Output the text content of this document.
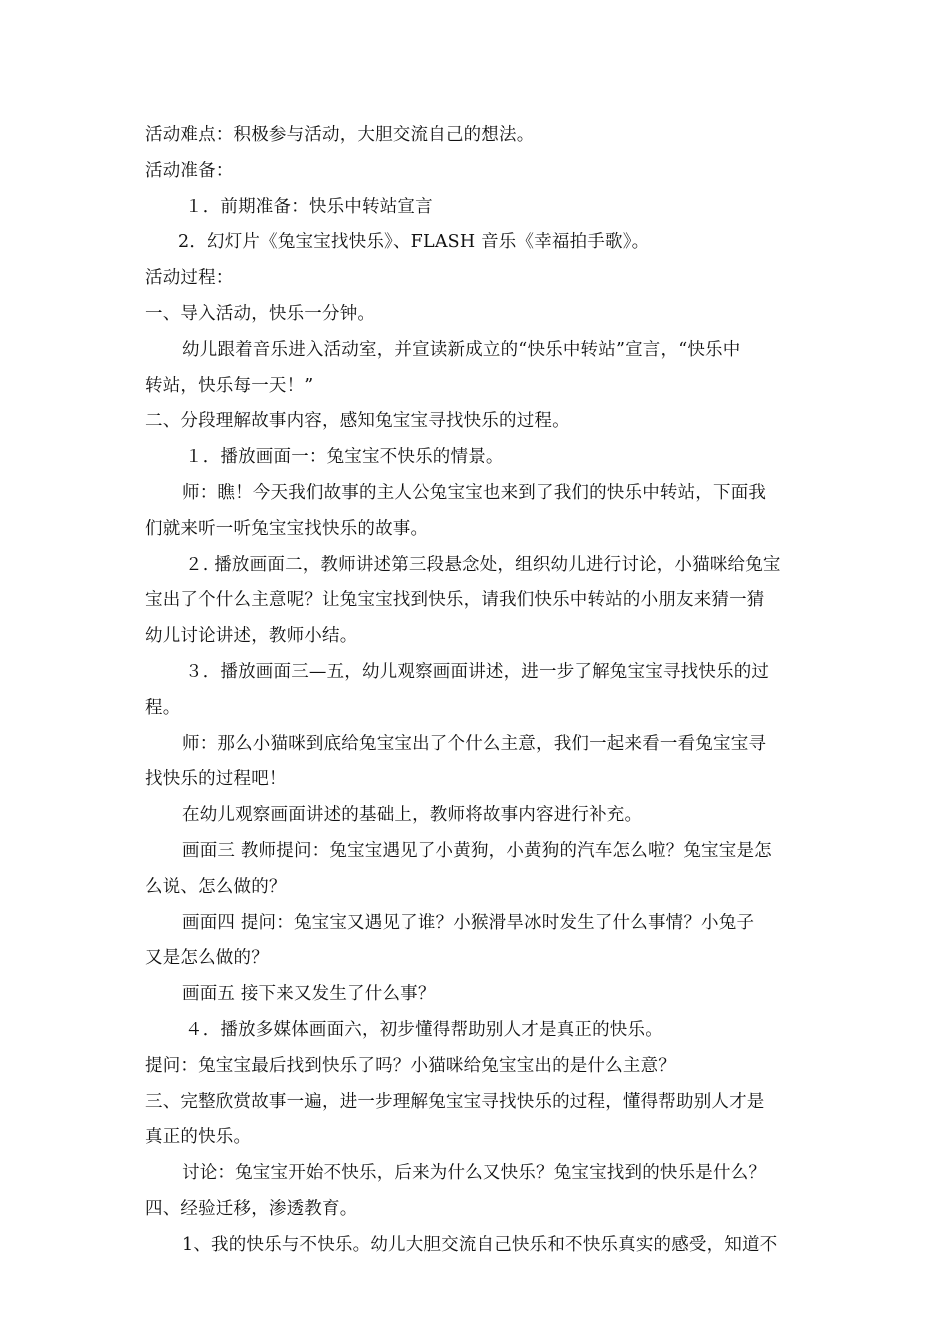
活动难点：积极参与活动，大胆交流自己的想法。
活动准备：
１．前期准备：快乐中转站宣言
2．幻灯片《兔宝宝找快乐》、FLASH 音乐《幸福拍手歌》。
活动过程：
一、导入活动，快乐一分钟。
幼儿跟着音乐进入活动室，并宣读新成立的“快乐中转站”宣言，“快乐中
转站，快乐每一天！”
二、分段理解故事内容，感知兔宝宝寻找快乐的过程。
１．播放画面一：兔宝宝不快乐的情景。
师：瞧！今天我们故事的主人公兔宝宝也来到了我们的快乐中转站，下面我
们就来听一听兔宝宝找快乐的故事。
２. 播放画面二，教师讲述第三段悬念处，组织幼儿进行讨论，小猫咪给兔宝
宝出了个什么主意呢？让兔宝宝找到快乐，请我们快乐中转站的小朋友来猜一猜
幼儿讨论讲述，教师小结。
３．播放画面三—五，幼儿观察画面讲述，进一步了解兔宝宝寻找快乐的过
程。
师：那么小猫咪到底给兔宝宝出了个什么主意，我们一起来看一看兔宝宝寻
找快乐的过程吧！
在幼儿观察画面讲述的基础上，教师将故事内容进行补充。
画面三 教师提问：兔宝宝遇见了小黄狗，小黄狗的汽车怎么啦？兔宝宝是怎
么说、怎么做的？
画面四 提问：兔宝宝又遇见了谁？小猴滑旱冰时发生了什么事情？小兔子
又是怎么做的？
画面五 接下来又发生了什么事？
４．播放多媒体画面六，初步懂得帮助别人才是真正的快乐。
提问：兔宝宝最后找到快乐了吗？小猫咪给兔宝宝出的是什么主意？
三、完整欣赏故事一遍，进一步理解兔宝宝寻找快乐的过程，懂得帮助别人才是
真正的快乐。
讨论：兔宝宝开始不快乐，后来为什么又快乐？兔宝宝找到的快乐是什么？
四、经验迁移，渗透教育。
1、我的快乐与不快乐。幼儿大胆交流自己快乐和不快乐真实的感受，知道不
